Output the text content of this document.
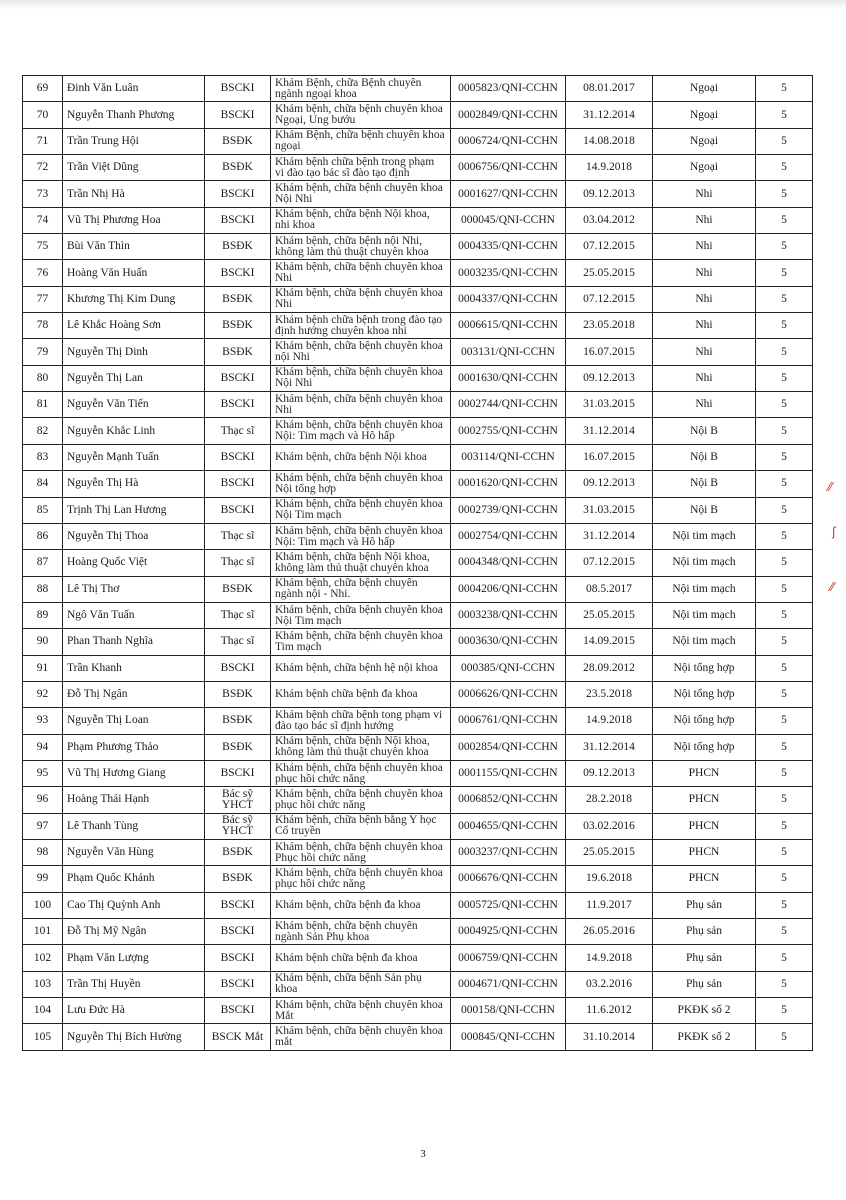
69	Đinh Văn Luân	BSCKI	Khám Bệnh, chữa Bệnh chuyên ngành ngoại khoa	0005823/QNI-CCHN	08.01.2017	Ngoại	5
70	Nguyễn Thanh Phương	BSCKI	Khám bệnh, chữa bệnh chuyên khoa Ngoại, Ung bướu	0002849/QNI-CCHN	31.12.2014	Ngoại	5
71	Trần Trung Hội	BSĐK	Khám Bệnh, chữa bệnh chuyên khoa ngoại	0006724/QNI-CCHN	14.08.2018	Ngoại	5
72	Trần Việt Dũng	BSĐK	Khám bệnh chữa bệnh trong phạm vi đào tạo bác sĩ đào tạo định	0006756/QNI-CCHN	14.9.2018	Ngoại	5
73	Trần Nhị Hà	BSCKI	Khám bệnh, chữa bệnh chuyên khoa Nội Nhi	0001627/QNI-CCHN	09.12.2013	Nhi	5
74	Vũ Thị Phương Hoa	BSCKI	Khám bệnh, chữa bệnh Nội khoa, nhi khoa	000045/QNI-CCHN	03.04.2012	Nhi	5
75	Bùi Văn Thìn	BSĐK	Khám bệnh, chữa bệnh nội Nhi, không làm thủ thuật chuyên khoa	0004335/QNI-CCHN	07.12.2015	Nhi	5
76	Hoàng Văn Huấn	BSCKI	Khám bệnh, chữa bệnh chuyên khoa Nhi	0003235/QNI-CCHN	25.05.2015	Nhi	5
77	Khương Thị Kim Dung	BSĐK	Khám bệnh, chữa bệnh chuyên khoa Nhi	0004337/QNI-CCHN	07.12.2015	Nhi	5
78	Lê Khắc Hoàng Sơn	BSĐK	Khám bệnh chữa bệnh trong đào tạo định hướng chuyên khoa nhi	0006615/QNI-CCHN	23.05.2018	Nhi	5
79	Nguyễn Thị Dinh	BSĐK	Khám bệnh, chữa bệnh chuyên khoa nội Nhi	003131/QNI-CCHN	16.07.2015	Nhi	5
80	Nguyễn Thị Lan	BSCKI	Khám bệnh, chữa bệnh chuyên khoa Nội Nhi	0001630/QNI-CCHN	09.12.2013	Nhi	5
81	Nguyễn Văn Tiến	BSCKI	Khám bệnh, chữa bệnh chuyên khoa Nhi	0002744/QNI-CCHN	31.03.2015	Nhi	5
82	Nguyễn Khắc Linh	Thạc sĩ	Khám bệnh, chữa bệnh chuyên khoa Nội: Tim mạch và Hô hấp	0002755/QNI-CCHN	31.12.2014	Nội B	5
83	Nguyễn Mạnh Tuấn	BSCKI	Khám bệnh, chữa bệnh Nội khoa	003114/QNI-CCHN	16.07.2015	Nội B	5
84	Nguyễn Thị Hà	BSCKI	Khám bệnh, chữa bệnh chuyên khoa Nội tổng hợp	0001620/QNI-CCHN	09.12.2013	Nội B	5
85	Trịnh Thị Lan Hương	BSCKI	Khám bệnh, chữa bệnh chuyên khoa Nội Tim mạch	0002739/QNI-CCHN	31.03.2015	Nội B	5
86	Nguyễn Thị Thoa	Thạc sĩ	Khám bệnh, chữa bệnh chuyên khoa Nội: Tim mạch và Hô hấp	0002754/QNI-CCHN	31.12.2014	Nội tim mạch	5
87	Hoàng Quốc Việt	Thạc sĩ	Khám bệnh, chữa bệnh Nội khoa, không làm thủ thuật chuyên khoa	0004348/QNI-CCHN	07.12.2015	Nội tim mạch	5
88	Lê Thị Thơ	BSĐK	Khám bệnh, chữa bệnh chuyên ngành nội - Nhi.	0004206/QNI-CCHN	08.5.2017	Nội tim mạch	5
89	Ngô Văn Tuấn	Thạc sĩ	Khám bệnh, chữa bệnh chuyên khoa Nội Tim mạch	0003238/QNI-CCHN	25.05.2015	Nội tim mạch	5
90	Phan Thanh Nghĩa	Thạc sĩ	Khám bệnh, chữa bệnh chuyên khoa Tim mạch	0003630/QNI-CCHN	14.09.2015	Nội tim mạch	5
91	Trần Khanh	BSCKI	Khám bệnh, chữa bệnh hệ nội khoa	000385/QNI-CCHN	28.09.2012	Nội tổng hợp	5
92	Đỗ Thị Ngân	BSĐK	Khám bệnh chữa bệnh đa khoa	0006626/QNI-CCHN	23.5.2018	Nội tổng hợp	5
93	Nguyễn Thị Loan	BSĐK	Khám bệnh chữa bệnh tong phạm vi đào tạo bác sĩ định hướng	0006761/QNI-CCHN	14.9.2018	Nội tổng hợp	5
94	Phạm Phương Thảo	BSĐK	Khám bệnh, chữa bệnh Nội khoa, không làm thủ thuật chuyên khoa	0002854/QNI-CCHN	31.12.2014	Nội tổng hợp	5
95	Vũ Thị Hương Giang	BSCKI	Khám bệnh, chữa bệnh chuyên khoa phục hồi chức năng	0001155/QNI-CCHN	09.12.2013	PHCN	5
96	Hoàng Thái Hạnh	Bác sỹ YHCT	Khám bệnh, chữa bệnh chuyên khoa phục hồi chức năng	0006852/QNI-CCHN	28.2.2018	PHCN	5
97	Lê Thanh Tùng	Bác sỹ YHCT	Khám bệnh, chữa bệnh bằng Y học Cổ truyền	0004655/QNI-CCHN	03.02.2016	PHCN	5
98	Nguyễn Văn Hùng	BSĐK	Khám bệnh, chữa bệnh chuyên khoa Phục hồi chức năng	0003237/QNI-CCHN	25.05.2015	PHCN	5
99	Phạm Quốc Khánh	BSĐK	Khám bệnh, chữa bệnh chuyên khoa phục hồi chức năng	0006676/QNI-CCHN	19.6.2018	PHCN	5
100	Cao Thị Quỳnh Anh	BSCKI	Khám bệnh, chữa bệnh đa khoa	0005725/QNI-CCHN	11.9.2017	Phụ sản	5
101	Đỗ Thị Mỹ Ngân	BSCKI	Khám bệnh, chữa bệnh chuyên ngành Sản Phụ khoa	0004925/QNI-CCHN	26.05.2016	Phụ sản	5
102	Phạm Văn Lượng	BSCKI	Khám bệnh chữa bệnh đa khoa	0006759/QNI-CCHN	14.9.2018	Phụ sản	5
103	Trần Thị Huyền	BSCKI	Khám bệnh, chữa bệnh Sản phụ khoa	0004671/QNI-CCHN	03.2.2016	Phụ sản	5
104	Lưu Đức Hà	BSCKI	Khám bệnh, chữa bệnh chuyên khoa Mắt	000158/QNI-CCHN	11.6.2012	PKĐK số 2	5
105	Nguyễn Thị Bích Hường	BSCK Mắt	Khám bệnh, chữa bệnh chuyên khoa mắt	000845/QNI-CCHN	31.10.2014	PKĐK số 2	5
⁄⁄
ʃ
⁄⁄
3
